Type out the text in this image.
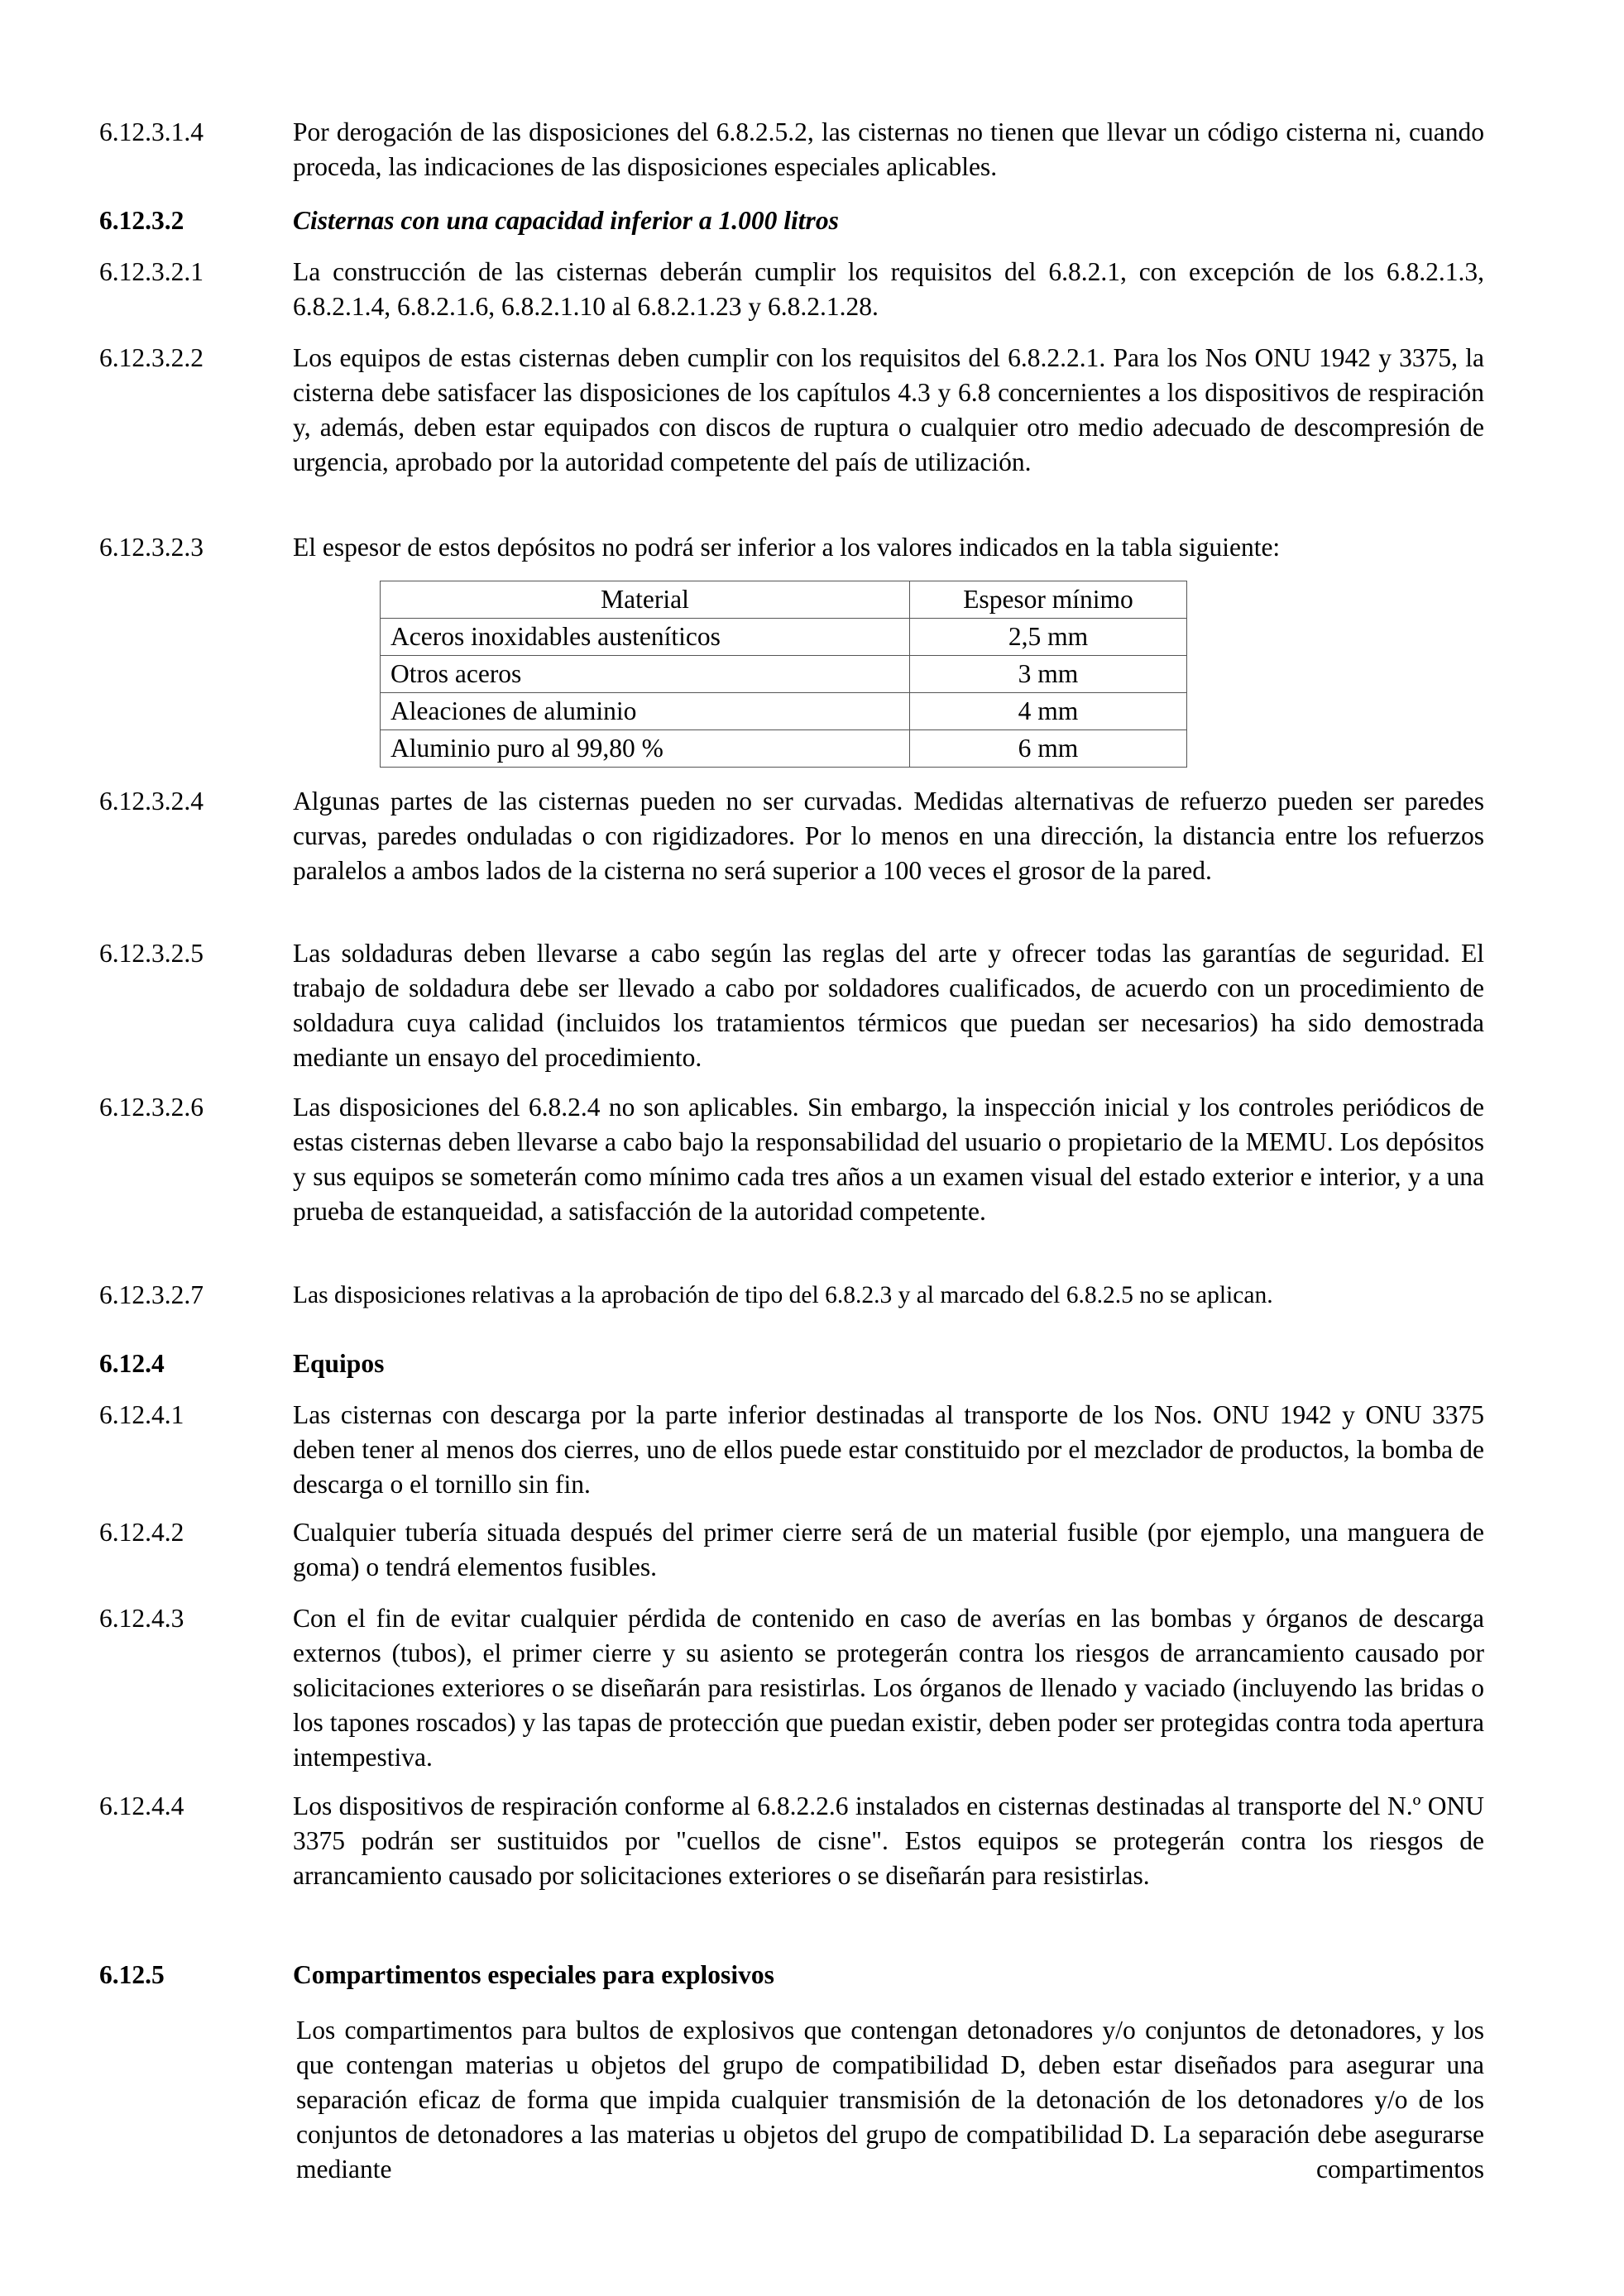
6.12.3.1.4	Por derogación de las disposiciones del 6.8.2.5.2, las cisternas no tienen que llevar un código cisterna ni, cuando proceda, las indicaciones de las disposiciones especiales aplicables.
6.12.3.2	Cisternas con una capacidad inferior a 1.000 litros
6.12.3.2.1	La construcción de las cisternas deberán cumplir los requisitos del 6.8.2.1, con excepción de los 6.8.2.1.3, 6.8.2.1.4, 6.8.2.1.6, 6.8.2.1.10 al 6.8.2.1.23 y 6.8.2.1.28.
6.12.3.2.2	Los equipos de estas cisternas deben cumplir con los requisitos del 6.8.2.2.1. Para los Nos ONU 1942 y 3375, la cisterna debe satisfacer las disposiciones de los capítulos 4.3 y 6.8 concernientes a los dispositivos de respiración y, además, deben estar equipados con discos de ruptura o cualquier otro medio adecuado de descompresión de urgencia, aprobado por la autoridad competente del país de utilización.
6.12.3.2.3	El espesor de estos depósitos no podrá ser inferior a los valores indicados en la tabla siguiente:
Material	Espesor mínimo
Aceros inoxidables austeníticos	2,5 mm
Otros aceros	3 mm
Aleaciones de aluminio	4 mm
Aluminio puro al 99,80 %	6 mm
6.12.3.2.4	Algunas partes de las cisternas pueden no ser curvadas. Medidas alternativas de refuerzo pueden ser paredes curvas, paredes onduladas o con rigidizadores. Por lo menos en una dirección, la distancia entre los refuerzos paralelos a ambos lados de la cisterna no será superior a 100 veces el grosor de la pared.
6.12.3.2.5	Las soldaduras deben llevarse a cabo según las reglas del arte y ofrecer todas las garantías de seguridad. El trabajo de soldadura debe ser llevado a cabo por soldadores cualificados, de acuerdo con un procedimiento de soldadura cuya calidad (incluidos los tratamientos térmicos que puedan ser necesarios) ha sido demostrada mediante un ensayo del procedimiento.
6.12.3.2.6	Las disposiciones del 6.8.2.4 no son aplicables. Sin embargo, la inspección inicial y los controles periódicos de estas cisternas deben llevarse a cabo bajo la responsabilidad del usuario o propietario de la MEMU. Los depósitos y sus equipos se someterán como mínimo cada tres años a un examen visual del estado exterior e interior, y a una prueba de estanqueidad, a satisfacción de la autoridad competente.
6.12.3.2.7	Las disposiciones relativas a la aprobación de tipo del 6.8.2.3 y al marcado del 6.8.2.5 no se aplican.
6.12.4	Equipos
6.12.4.1	Las cisternas con descarga por la parte inferior destinadas al transporte de los Nos. ONU 1942 y ONU 3375 deben tener al menos dos cierres, uno de ellos puede estar constituido por el mezclador de productos, la bomba de descarga o el tornillo sin fin.
6.12.4.2	Cualquier tubería situada después del primer cierre será de un material fusible (por ejemplo, una manguera de goma) o tendrá elementos fusibles.
6.12.4.3	Con el fin de evitar cualquier pérdida de contenido en caso de averías en las bombas y órganos de descarga externos (tubos), el primer cierre y su asiento se protegerán contra los riesgos de arrancamiento causado por solicitaciones exteriores o se diseñarán para resistirlas. Los órganos de llenado y vaciado (incluyendo las bridas o los tapones roscados) y las tapas de protección que puedan existir, deben poder ser protegidas contra toda apertura intempestiva.
6.12.4.4	Los dispositivos de respiración conforme al 6.8.2.2.6 instalados en cisternas destinadas al transporte del N.º ONU 3375 podrán ser sustituidos por "cuellos de cisne". Estos equipos se protegerán contra los riesgos de arrancamiento causado por solicitaciones exteriores o se diseñarán para resistirlas.
6.12.5	Compartimentos especiales para explosivos
Los compartimentos para bultos de explosivos que contengan detonadores y/o conjuntos de detonadores, y los que contengan materias u objetos del grupo de compatibilidad D, deben estar diseñados para asegurar una separación eficaz de forma que impida cualquier transmisión de la detonación de los detonadores y/o de los conjuntos de detonadores a las materias u objetos del grupo de compatibilidad D. La separación debe asegurarse mediante compartimentos
